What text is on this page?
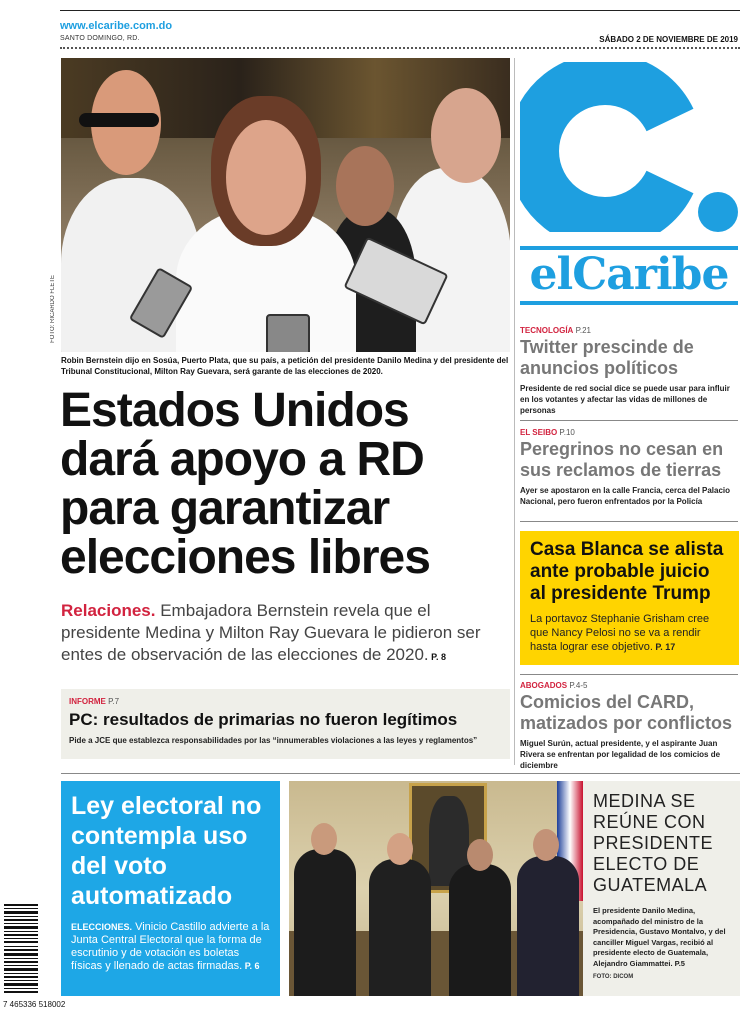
www.elcaribe.com.do
SANTO DOMINGO, RD.	SÁBADO 2 DE NOVIEMBRE DE 2019
FOTO: RICARDO FLETE
Robin Bernstein dijo en Sosúa, Puerto Plata, que su país, a petición del presidente Danilo Medina y del presidente del Tribunal Constitucional, Milton Ray Guevara, será garante de las elecciones de 2020.
Estados Unidos dará apoyo a RD para garantizar elecciones libres

Relaciones. Embajadora Bernstein revela que el presidente Medina y Milton Ray Guevara le pidieron ser entes de observación de las elecciones de 2020. P. 8

INFORME P.7
PC: resultados de primarias no fueron legítimos
Pide a JCE que establezca responsabilidades por las “innumerables violaciones a las leyes y reglamentos”
elCaribe
TECNOLOGÍA P.21
Twitter prescinde de anuncios políticos
Presidente de red social dice se puede usar para influir en los votantes y afectar las vidas de millones de personas
EL SEIBO P.10
Peregrinos no cesan en sus reclamos de tierras
Ayer se apostaron en la calle Francia, cerca del Palacio Nacional, pero fueron enfrentados por la Policía
Casa Blanca se alista ante probable juicio al presidente Trump
La portavoz Stephanie Grisham cree que Nancy Pelosi no se va a rendir hasta lograr ese objetivo. P. 17
ABOGADOS P.4-5
Comicios del CARD, matizados por conflictos
Miguel Surún, actual presidente, y el aspirante Juan Rivera se enfrentan por legalidad de los comicios de diciembre
Ley electoral no contempla uso del voto automatizado
ELECCIONES. Vinicio Castillo advierte a la Junta Central Electoral que la forma de escrutinio y de votación es boletas físicas y llenado de actas firmadas. P. 6
7 465336 518002
MEDINA SE REÚNE CON PRESIDENTE ELECTO DE GUATEMALA
El presidente Danilo Medina, acompañado del ministro de la Presidencia, Gustavo Montalvo, y del canciller Miguel Vargas, recibió al presidente electo de Guatemala, Alejandro Giammattei. P.5
FOTO: DICOM
